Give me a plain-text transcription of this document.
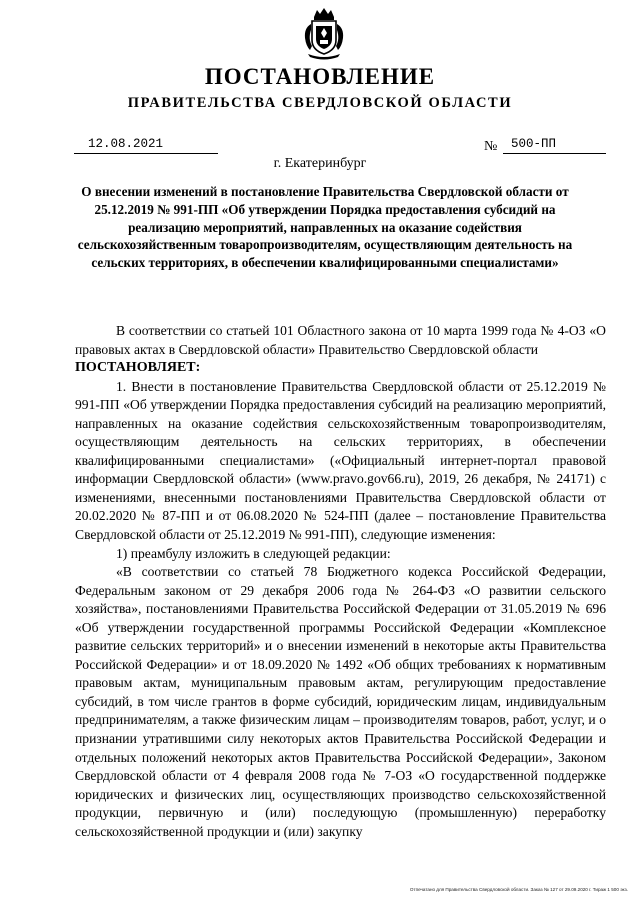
ПОСТАНОВЛЕНИЕ
ПРАВИТЕЛЬСТВА СВЕРДЛОВСКОЙ ОБЛАСТИ
12.08.2021	№	500-ПП
г. Екатеринбург
О внесении изменений в постановление Правительства Свердловской области от 25.12.2019 № 991-ПП «Об утверждении Порядка предоставления субсидий на реализацию мероприятий, направленных на оказание содействия сельскохозяйственным товаропроизводителям, осуществляющим деятельность на сельских территориях, в обеспечении квалифицированными специалистами»

В соответствии со статьей 101 Областного закона от 10 марта 1999 года № 4-ОЗ «О правовых актах в Свердловской области» Правительство Свердловской области

ПОСТАНОВЛЯЕТ:

1. Внести в постановление Правительства Свердловской области от 25.12.2019 № 991-ПП «Об утверждении Порядка предоставления субсидий на реализацию мероприятий, направленных на оказание содействия сельскохозяйственным товаропроизводителям, осуществляющим деятельность на сельских территориях, в обеспечении квалифицированными специалистами» («Официальный интернет-портал правовой информации Свердловской области» (www.pravo.gov66.ru), 2019, 26 декабря, № 24171) с изменениями, внесенными постановлениями Правительства Свердловской области от 20.02.2020 № 87-ПП и от 06.08.2020 № 524-ПП (далее – постановление Правительства Свердловской области от 25.12.2019 № 991-ПП), следующие изменения:

1) преамбулу изложить в следующей редакции:

«В соответствии со статьей 78 Бюджетного кодекса Российской Федерации, Федеральным законом от 29 декабря 2006 года № 264-ФЗ «О развитии сельского хозяйства», постановлениями Правительства Российской Федерации от 31.05.2019 № 696 «Об утверждении государственной программы Российской Федерации «Комплексное развитие сельских территорий» и о внесении изменений в некоторые акты Правительства Российской Федерации» и от 18.09.2020 № 1492 «Об общих требованиях к нормативным правовым актам, муниципальным правовым актам, регулирующим предоставление субсидий, в том числе грантов в форме субсидий, юридическим лицам, индивидуальным предпринимателям, а также физическим лицам – производителям товаров, работ, услуг, и о признании утратившими силу некоторых актов Правительства Российской Федерации и отдельных положений некоторых актов Правительства Российской Федерации», Законом Свердловской области от 4 февраля 2008 года № 7-ОЗ «О государственной поддержке юридических и физических лиц, осуществляющих производство сельскохозяйственной продукции, первичную и (или) последующую (промышленную) переработку сельскохозяйственной продукции и (или) закупку

Отпечатано для Правительства Свердловской области. Заказ № 127 от 29.09.2020 г. Тираж 1 500 экз.
